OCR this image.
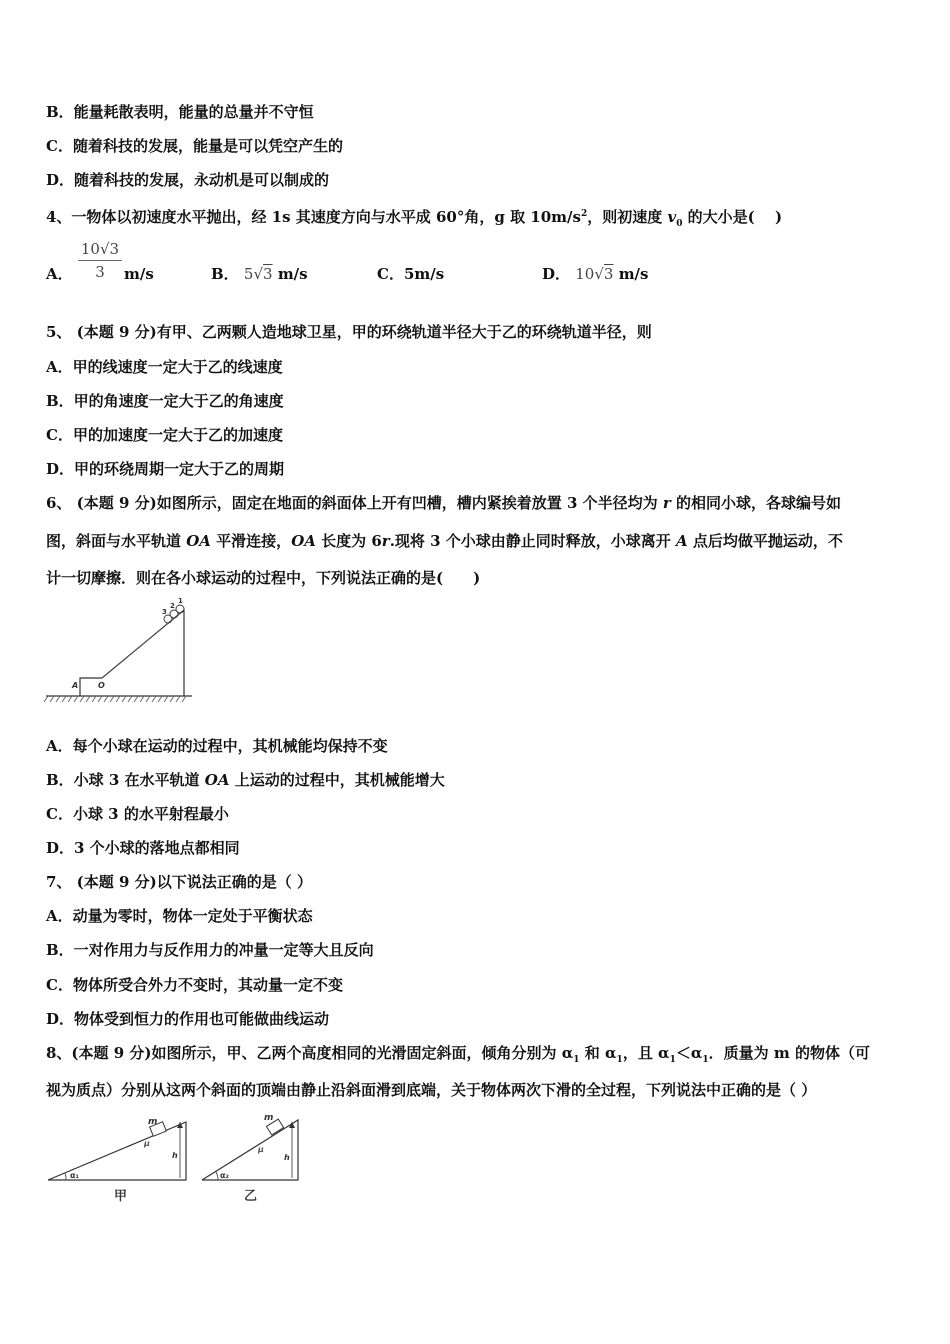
B．能量耗散表明，能量的总量并不守恒
C．随着科技的发展，能量是可以凭空产生的
D．随着科技的发展，永动机是可以制成的
4、一物体以初速度水平抛出，经 1s 其速度方向与水平成 60°角，g 取 $10m/s^2$，则初速度 $v_0$ 的大小是(　 )
A． $\frac{10√3}{3} m/s$	B． 5√3 m/s	C．5m/s	D． 10√3 m/s
5、 (本题 9 分)有甲、乙两颗人造地球卫星，甲的环绕轨道半径大于乙的环绕轨道半径，则
A．甲的线速度一定大于乙的线速度
B．甲的角速度一定大于乙的角速度
C．甲的加速度一定大于乙的加速度
D．甲的环绕周期一定大于乙的周期
6、 (本题 9 分)如图所示，固定在地面的斜面体上开有凹槽，槽内紧挨着放置 3 个半径均为 r 的相同小球，各球编号如
图，斜面与水平轨道 OA 平滑连接，OA 长度为 6r.现将 3 个小球由静止同时释放，小球离开 A 点后均做平抛运动，不
计一切摩擦．则在各小球运动的过程中，下列说法正确的是(　　)
3
2
1
A O
A．每个小球在运动的过程中，其机械能均保持不变
B．小球 3 在水平轨道 OA 上运动的过程中，其机械能增大
C．小球 3 的水平射程最小
D．3 个小球的落地点都相同
7、 (本题 9 分)以下说法正确的是（ ）
A．动量为零时，物体一定处于平衡状态
B．一对作用力与反作用力的冲量一定等大且反向
C．物体所受合外力不变时，其动量一定不变
D．物体受到恒力的作用也可能做曲线运动
8、(本题 9 分)如图所示，甲、乙两个高度相同的光滑固定斜面，倾角分别为 $\alpha_1$ 和 $\alpha_1$，且 $\alpha_1<\alpha_1$．质量为 m 的物体（可
视为质点）分别从这两个斜面的顶端由静止沿斜面滑到底端，关于物体两次下滑的全过程，下列说法中正确的是（ ）
m
μ
h
α₁
甲
m
μ
h
α₂
乙
